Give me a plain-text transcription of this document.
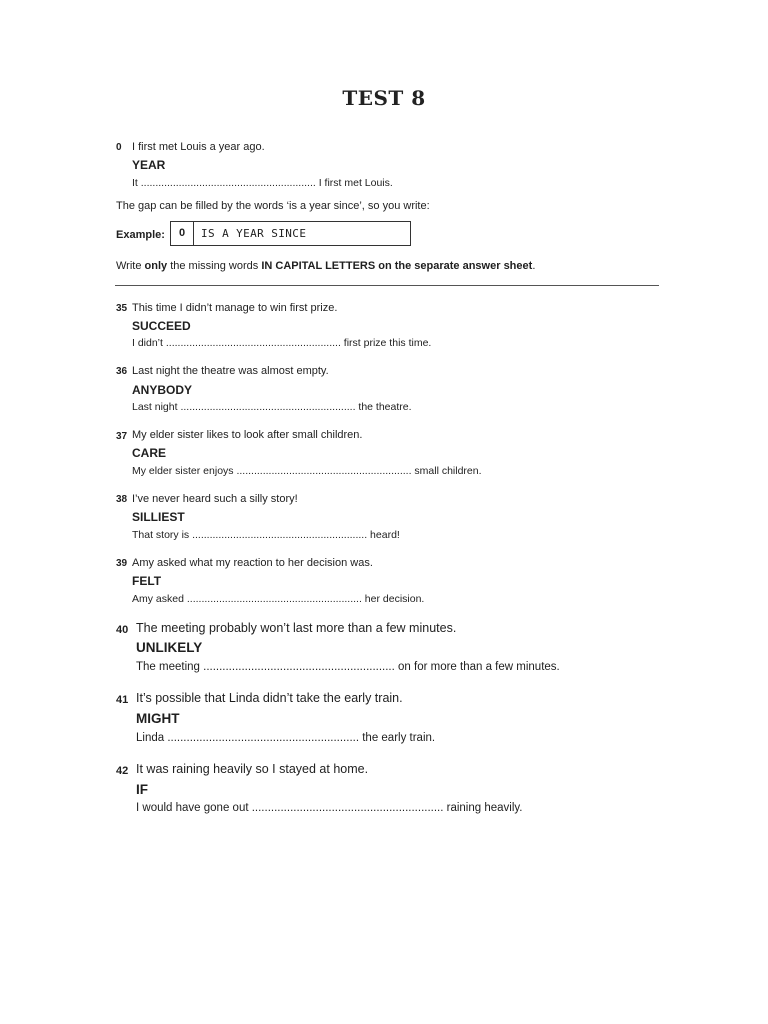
TEST 8
0 I first met Louis a year ago.
YEAR
It ............................................................ I first met Louis.
The gap can be filled by the words ‘is a year since’, so you write:
Example: 0 IS A YEAR SINCE
Write only the missing words IN CAPITAL LETTERS on the separate answer sheet.
35 This time I didn’t manage to win first prize.
SUCCEED
I didn’t ............................................................ first prize this time.
36 Last night the theatre was almost empty.
ANYBODY
Last night ............................................................ the theatre.
37 My elder sister likes to look after small children.
CARE
My elder sister enjoys ............................................................ small children.
38 I’ve never heard such a silly story!
SILLIEST
That story is ............................................................ heard!
39 Amy asked what my reaction to her decision was.
FELT
Amy asked ............................................................ her decision.
40 The meeting probably won’t last more than a few minutes.
UNLIKELY
The meeting ............................................................ on for more than a few minutes.
41 It’s possible that Linda didn’t take the early train.
MIGHT
Linda ............................................................ the early train.
42 It was raining heavily so I stayed at home.
IF
I would have gone out ............................................................ raining heavily.
